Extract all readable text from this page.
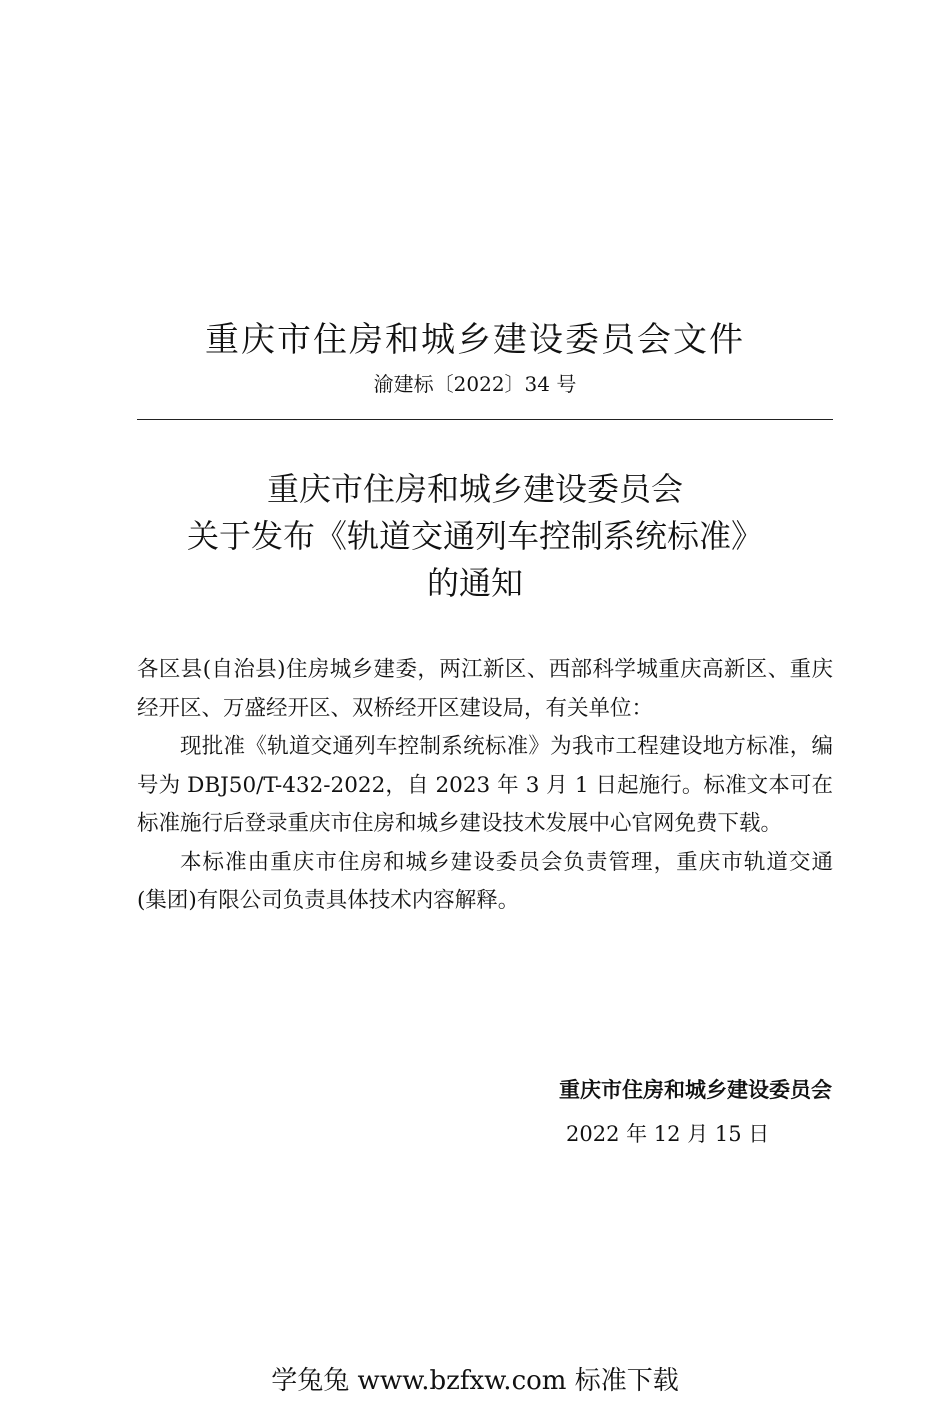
重庆市住房和城乡建设委员会文件
渝建标〔2022〕34 号
重庆市住房和城乡建设委员会
关于发布《轨道交通列车控制系统标准》
的通知

各区县(自治县)住房城乡建委，两江新区、西部科学城重庆高新区、重庆经开区、万盛经开区、双桥经开区建设局，有关单位：

现批准《轨道交通列车控制系统标准》为我市工程建设地方标准，编号为 DBJ50/T-432-2022，自 2023 年 3 月 1 日起施行。标准文本可在标准施行后登录重庆市住房和城乡建设技术发展中心官网免费下载。

本标准由重庆市住房和城乡建设委员会负责管理，重庆市轨道交通(集团)有限公司负责具体技术内容解释。

重庆市住房和城乡建设委员会
2022 年 12 月 15 日
学兔兔 www.bzfxw.com 标准下载
